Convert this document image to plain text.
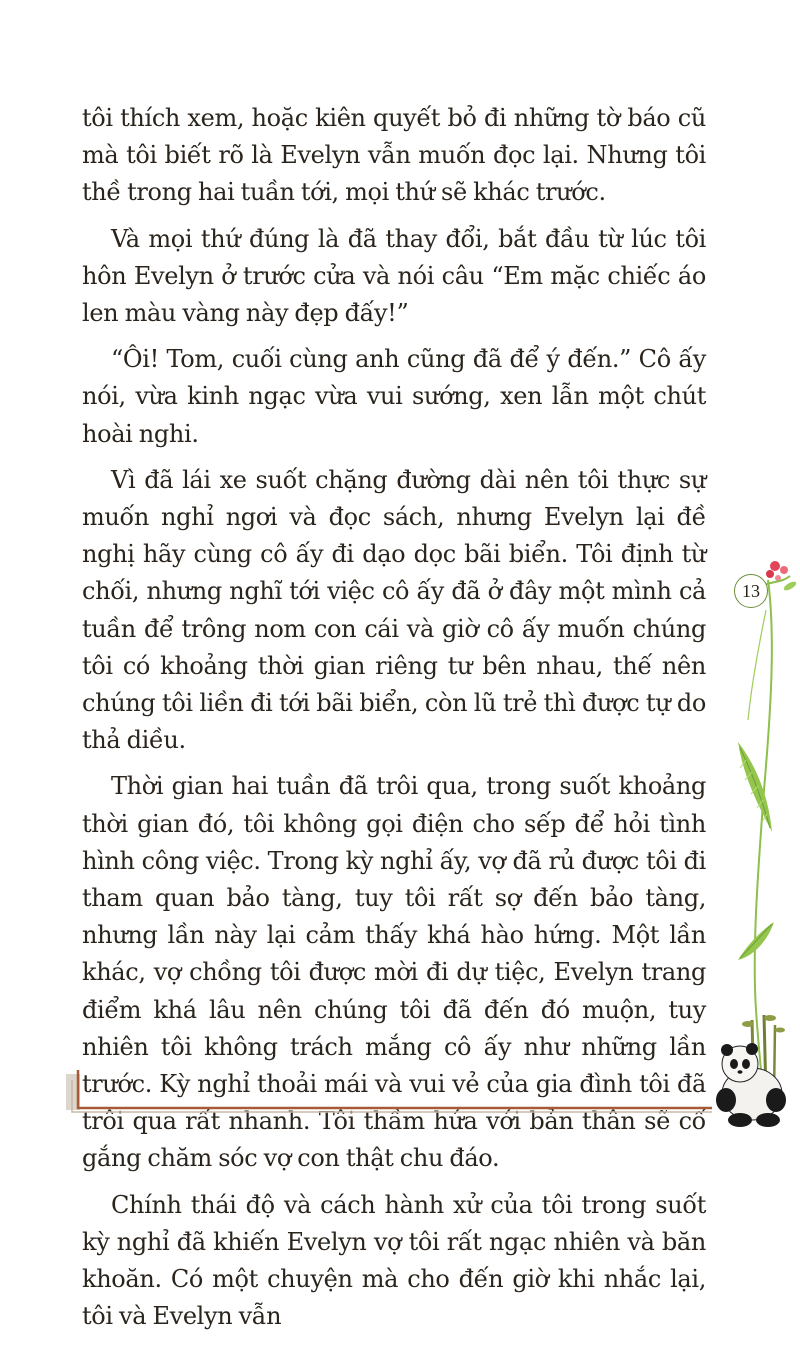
tôi thích xem, hoặc kiên quyết bỏ đi những tờ báo cũ mà tôi biết rõ là Evelyn vẫn muốn đọc lại. Nhưng tôi thề trong hai tuần tới, mọi thứ sẽ khác trước.

Và mọi thứ đúng là đã thay đổi, bắt đầu từ lúc tôi hôn Evelyn ở trước cửa và nói câu “Em mặc chiếc áo len màu vàng này đẹp đấy!”

“Ôi! Tom, cuối cùng anh cũng đã để ý đến.” Cô ấy nói, vừa kinh ngạc vừa vui sướng, xen lẫn một chút hoài nghi.

Vì đã lái xe suốt chặng đường dài nên tôi thực sự muốn nghỉ ngơi và đọc sách, nhưng Evelyn lại đề nghị hãy cùng cô ấy đi dạo dọc bãi biển. Tôi định từ chối, nhưng nghĩ tới việc cô ấy đã ở đây một mình cả tuần để trông nom con cái và giờ cô ấy muốn chúng tôi có khoảng thời gian riêng tư bên nhau, thế nên chúng tôi liền đi tới bãi biển, còn lũ trẻ thì được tự do thả diều.

Thời gian hai tuần đã trôi qua, trong suốt khoảng thời gian đó, tôi không gọi điện cho sếp để hỏi tình hình công việc. Trong kỳ nghỉ ấy, vợ đã rủ được tôi đi tham quan bảo tàng, tuy tôi rất sợ đến bảo tàng, nhưng lần này lại cảm thấy khá hào hứng. Một lần khác, vợ chồng tôi được mời đi dự tiệc, Evelyn trang điểm khá lâu nên chúng tôi đã đến đó muộn, tuy nhiên tôi không trách mắng cô ấy như những lần trước. Kỳ nghỉ thoải mái và vui vẻ của gia đình tôi đã trôi qua rất nhanh. Tôi thầm hứa với bản thân sẽ cố gắng chăm sóc vợ con thật chu đáo.

Chính thái độ và cách hành xử của tôi trong suốt kỳ nghỉ đã khiến Evelyn vợ tôi rất ngạc nhiên và băn khoăn. Có một chuyện mà cho đến giờ khi nhắc lại, tôi và Evelyn vẫn

13
